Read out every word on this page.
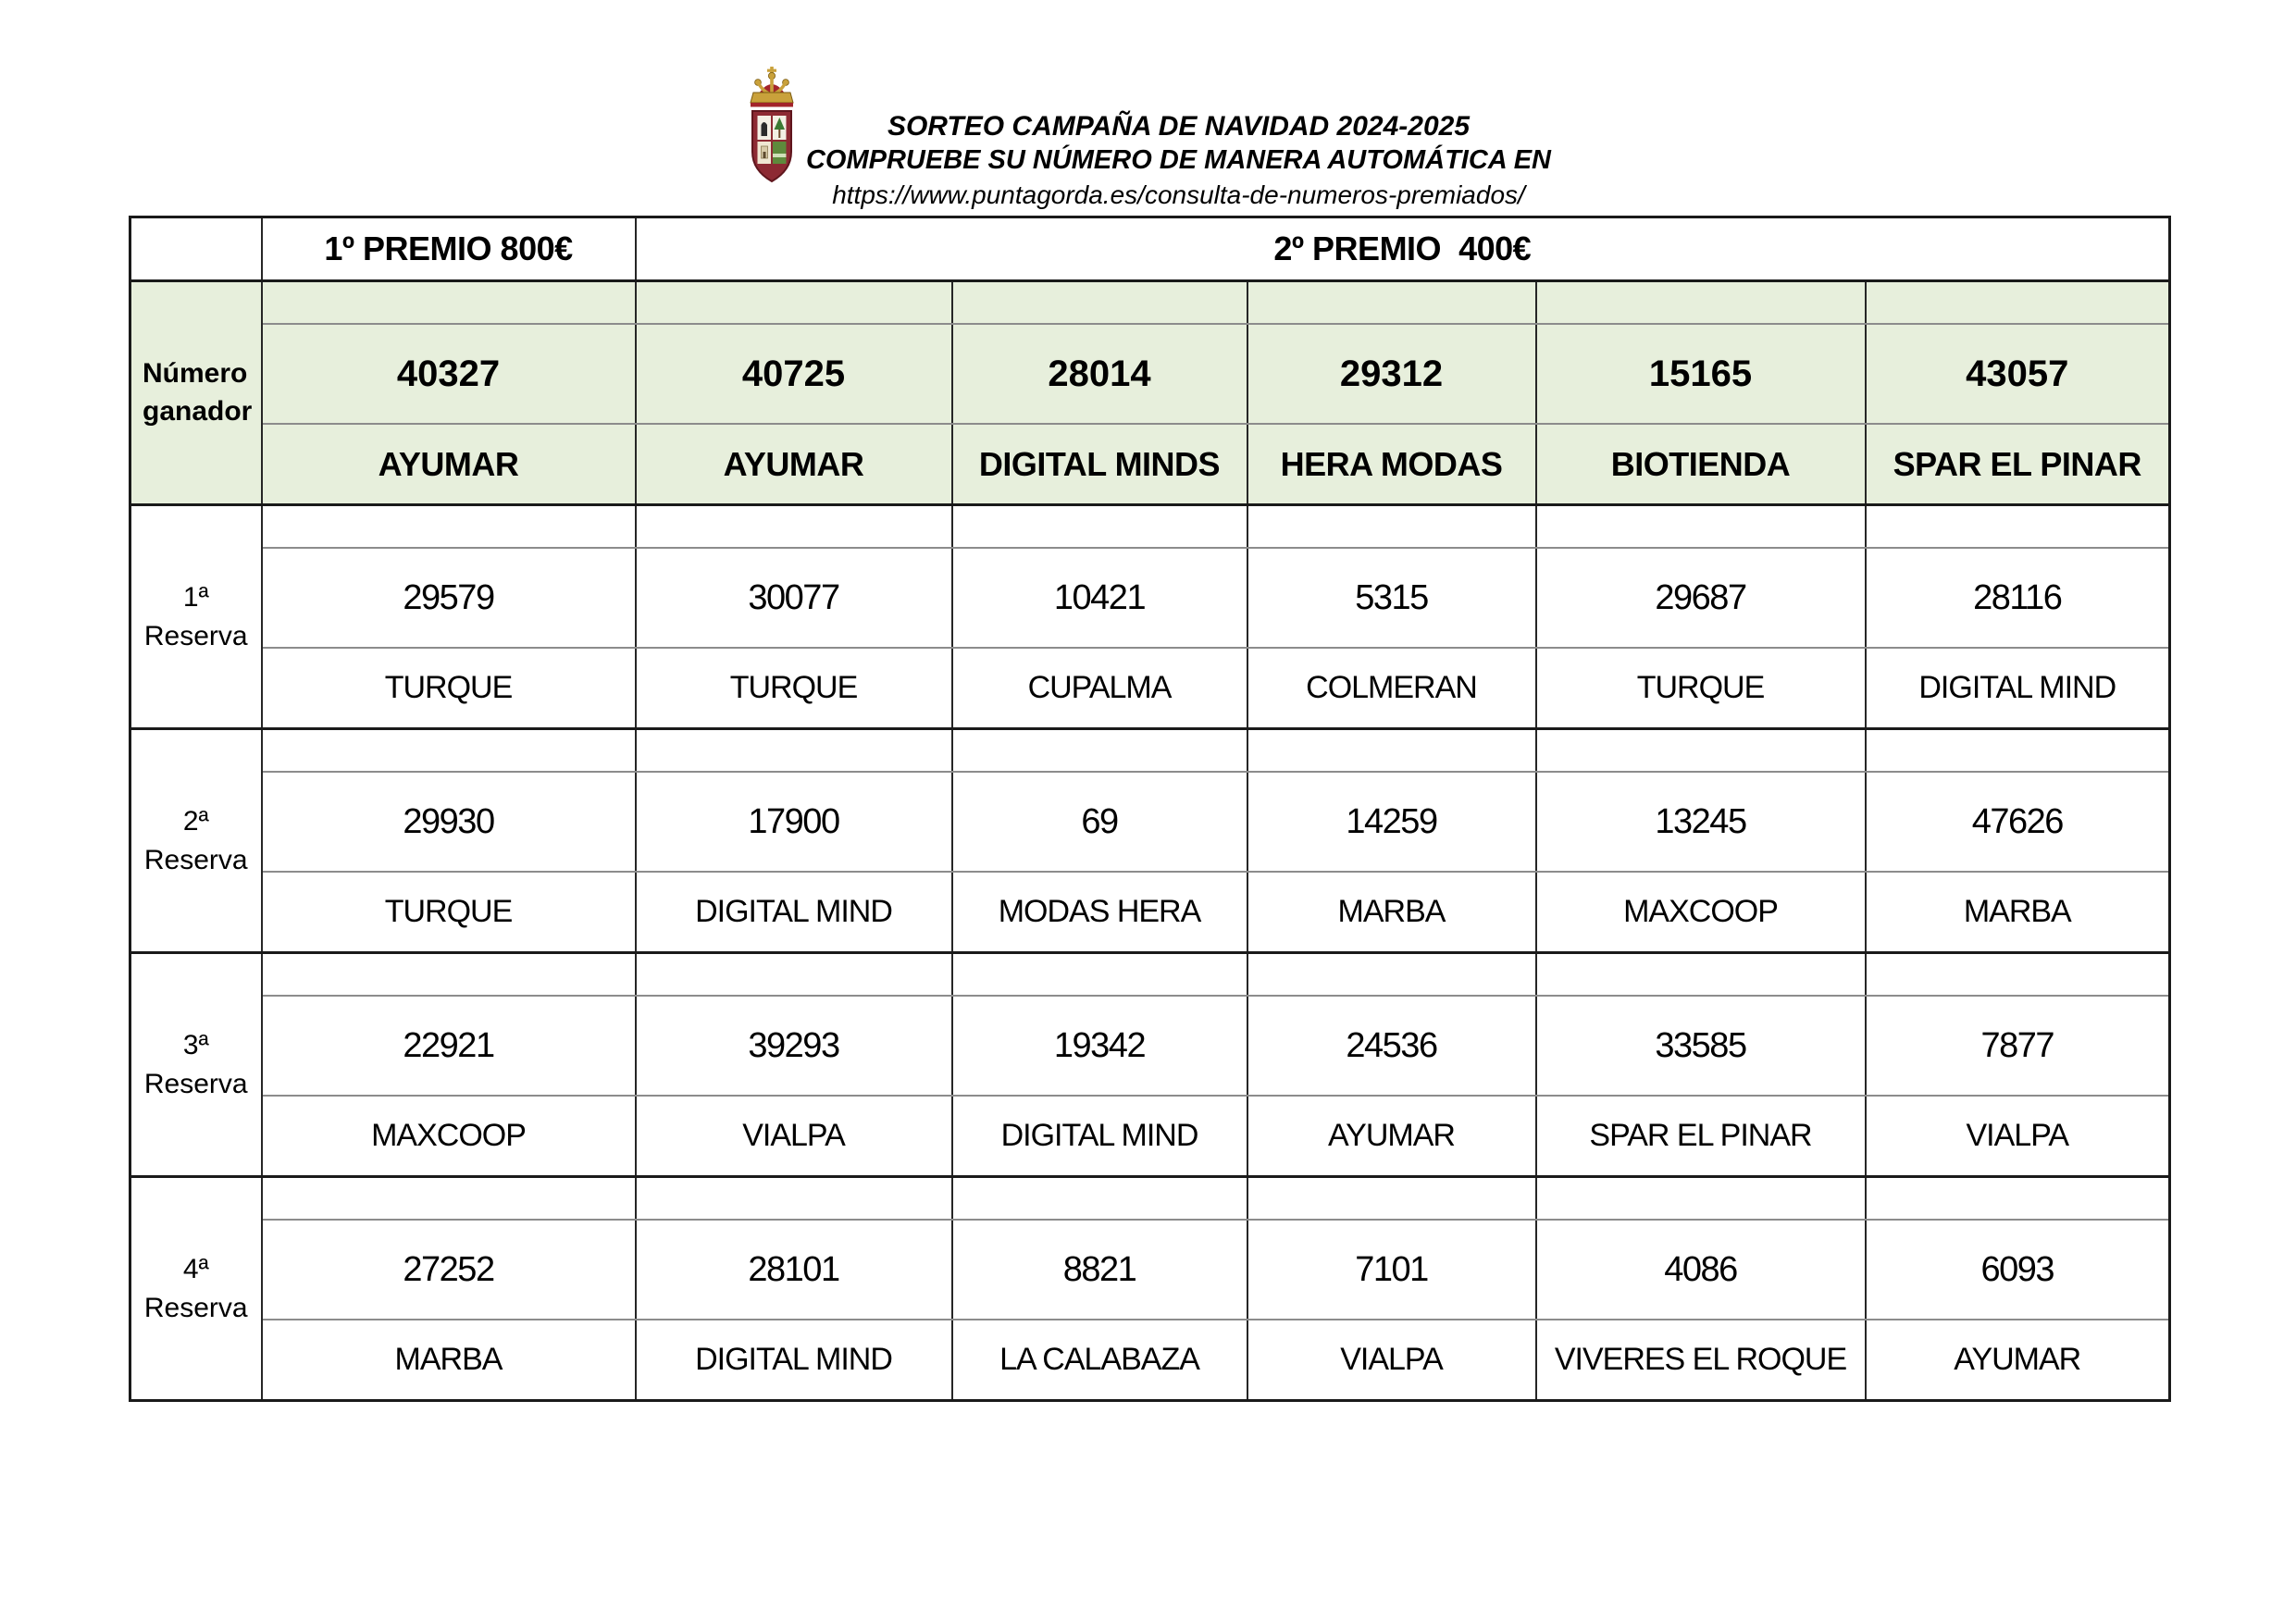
SORTEO CAMPAÑA DE NAVIDAD 2024-2025
COMPRUEBE SU NÚMERO DE MANERA AUTOMÁTICA EN
https://www.puntagorda.es/consulta-de-numeros-premiados/
	1º PREMIO 800€	2º PREMIO  400€				
Número ganador						
	40327	40725	28014	29312	15165	43057
	AYUMAR	AYUMAR	DIGITAL MINDS	HERA MODAS	BIOTIENDA	SPAR EL PINAR
1ª Reserva						
	29579	30077	10421	5315	29687	28116
	TURQUE	TURQUE	CUPALMA	COLMERAN	TURQUE	DIGITAL MIND
2ª Reserva						
	29930	17900	69	14259	13245	47626
	TURQUE	DIGITAL MIND	MODAS HERA	MARBA	MAXCOOP	MARBA
3ª Reserva						
	22921	39293	19342	24536	33585	7877
	MAXCOOP	VIALPA	DIGITAL MIND	AYUMAR	SPAR EL PINAR	VIALPA
4ª Reserva						
	27252	28101	8821	7101	4086	6093
	MARBA	DIGITAL MIND	LA CALABAZA	VIALPA	VIVERES EL ROQUE	AYUMAR
